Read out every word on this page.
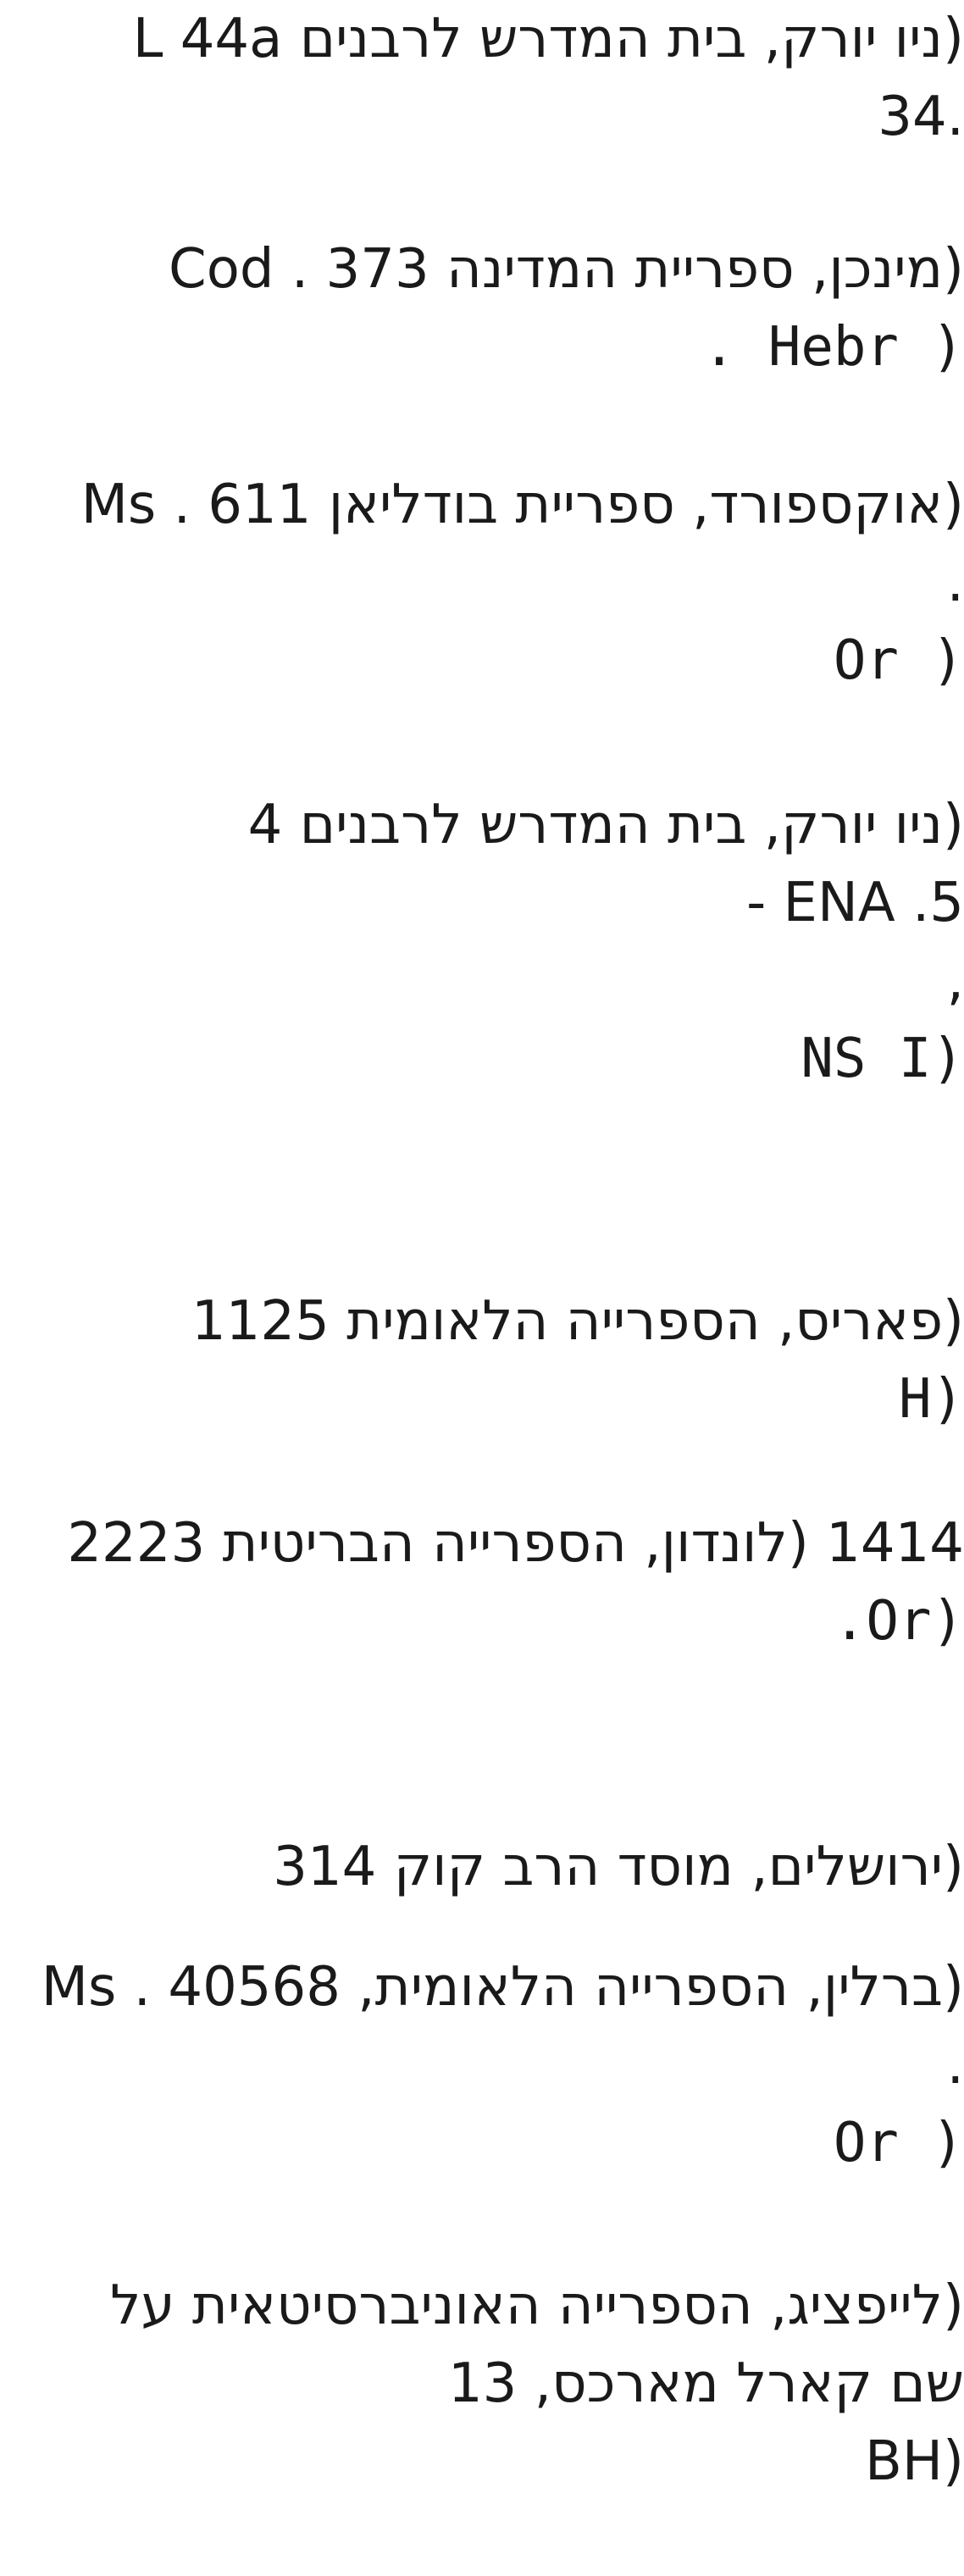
(ניו יורק, בית המדרש לרבנים L 44a
.34
(מינכן, ספריית המדינה Cod . 373
( Hebr .
(אוקספורד, ספריית בודליאן Ms . 611
.
( Or
(ניו יורק, בית המדרש לרבנים 4
ENA .5 -
,
(NS I
(פאריס, הספרייה הלאומית 1125
(H
1414 (לונדון, הספרייה הבריטית 2223
(Or.
(ירושלים, מוסד הרב קוק 314
(ברלין, הספרייה הלאומית, Ms . 40568
.
( Or
(לייפציג, הספרייה האוניברסיטאית על
שם קארל מארכס, 13
(BH
